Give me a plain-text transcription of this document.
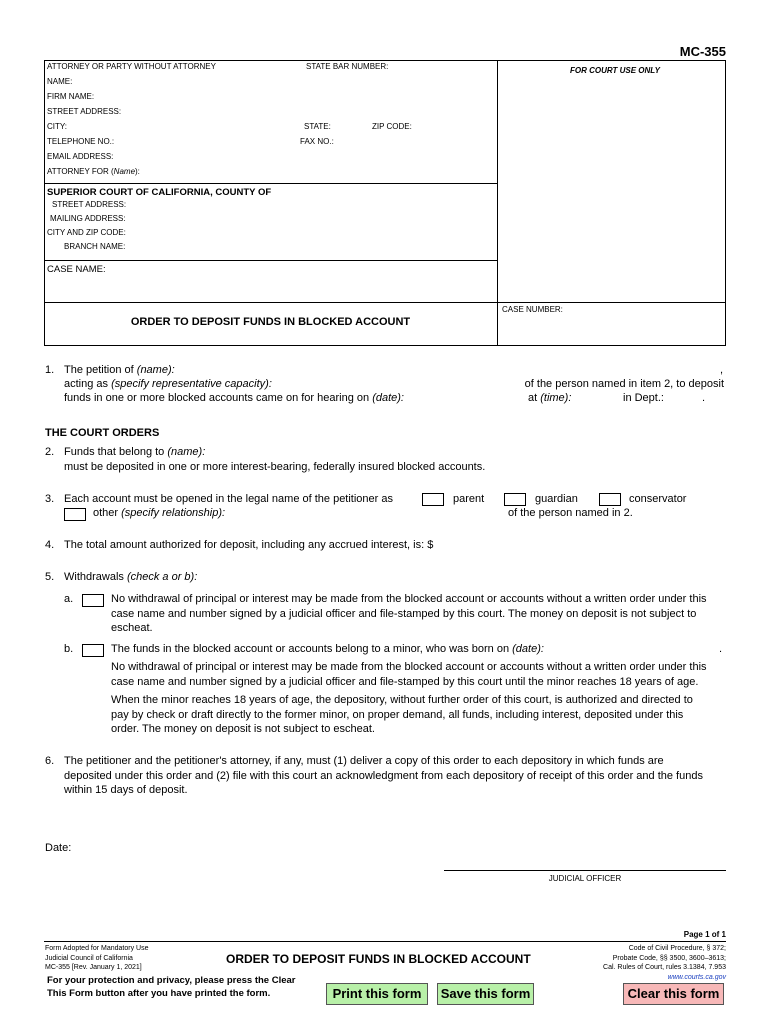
MC-355
ATTORNEY OR PARTY WITHOUT ATTORNEY	STATE BAR NUMBER:	FOR COURT USE ONLY
NAME:
FIRM NAME:
STREET ADDRESS:
CITY:	STATE:	ZIP CODE:
TELEPHONE NO.:	FAX NO.:
EMAIL ADDRESS:
ATTORNEY FOR (Name):
SUPERIOR COURT OF CALIFORNIA, COUNTY OF
STREET ADDRESS:
MAILING ADDRESS:
CITY AND ZIP CODE:
BRANCH NAME:
CASE NAME:
CASE NUMBER:
ORDER TO DEPOSIT FUNDS IN BLOCKED ACCOUNT
1. The petition of (name):	,
acting as (specify representative capacity):	of the person named in item 2, to deposit
funds in one or more blocked accounts came on for hearing on (date):	at (time):	in Dept.:	.
THE COURT ORDERS
2. Funds that belong to (name):
must be deposited in one or more interest-bearing, federally insured blocked accounts.
3. Each account must be opened in the legal name of the petitioner as	parent	guardian	conservator
other (specify relationship):	of the person named in 2.
4. The total amount authorized for deposit, including any accrued interest, is: $
5. Withdrawals (check a or b):
a.	No withdrawal of principal or interest may be made from the blocked account or accounts without a written order under this
case name and number signed by a judicial officer and file-stamped by this court. The money on deposit is not subject to
escheat.
b.	The funds in the blocked account or accounts belong to a minor, who was born on (date):	.
No withdrawal of principal or interest may be made from the blocked account or accounts without a written order under this
case name and number signed by a judicial officer and file-stamped by this court until the minor reaches 18 years of age.
When the minor reaches 18 years of age, the depository, without further order of this court, is authorized and directed to
pay by check or draft directly to the former minor, on proper demand, all funds, including interest, deposited under this
order. The money on deposit is not subject to escheat.
6. The petitioner and the petitioner's attorney, if any, must (1) deliver a copy of this order to each depository in which funds are
deposited under this order and (2) file with this court an acknowledgment from each depository of receipt of this order and the funds
within 15 days of deposit.
Date:
JUDICIAL OFFICER
Page 1 of 1
Form Adopted for Mandatory Use
Judicial Council of California
MC-355 [Rev. January 1, 2021]
ORDER TO DEPOSIT FUNDS IN BLOCKED ACCOUNT
Code of Civil Procedure, § 372;
Probate Code, §§ 3500, 3600–3613;
Cal. Rules of Court, rules 3.1384, 7.953
www.courts.ca.gov
For your protection and privacy, please press the Clear
This Form button after you have printed the form.	Print this form	Save this form	Clear this form
